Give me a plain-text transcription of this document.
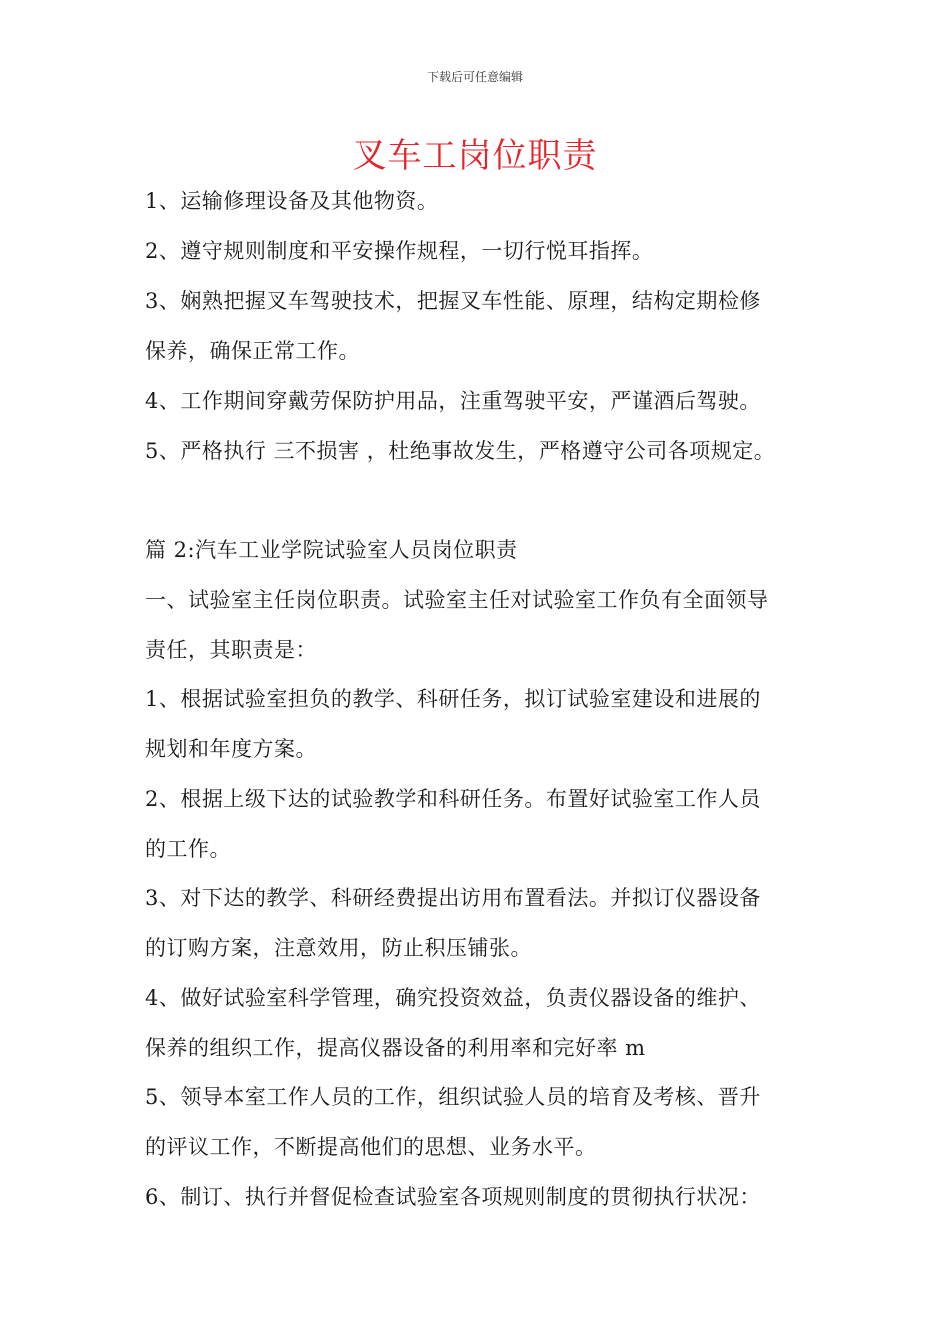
下载后可任意编辑
叉车工岗位职责
1、运输修理设备及其他物资。
2、遵守规则制度和平安操作规程，一切行悦耳指挥。
3、娴熟把握叉车驾驶技术，把握叉车性能、原理，结构定期检修
保养，确保正常工作。
4、工作期间穿戴劳保防护用品，注重驾驶平安，严谨酒后驾驶。
5、严格执行 三不损害 ，杜绝事故发生，严格遵守公司各项规定。
篇 2:汽车工业学院试验室人员岗位职责
一、试验室主任岗位职责。试验室主任对试验室工作负有全面领导
责任，其职责是：
1、根据试验室担负的教学、科研任务，拟订试验室建设和进展的
规划和年度方案。
2、根据上级下达的试验教学和科研任务。布置好试验室工作人员
的工作。
3、对下达的教学、科研经费提出访用布置看法。并拟订仪器设备
的订购方案，注意效用，防止积压铺张。
4、做好试验室科学管理，确究投资效益，负责仪器设备的维护、
保养的组织工作，提高仪器设备的利用率和完好率 m
5、领导本室工作人员的工作，组织试验人员的培育及考核、晋升
的评议工作，不断提高他们的思想、业务水平。
6、制订、执行并督促检查试验室各项规则制度的贯彻执行状况：
